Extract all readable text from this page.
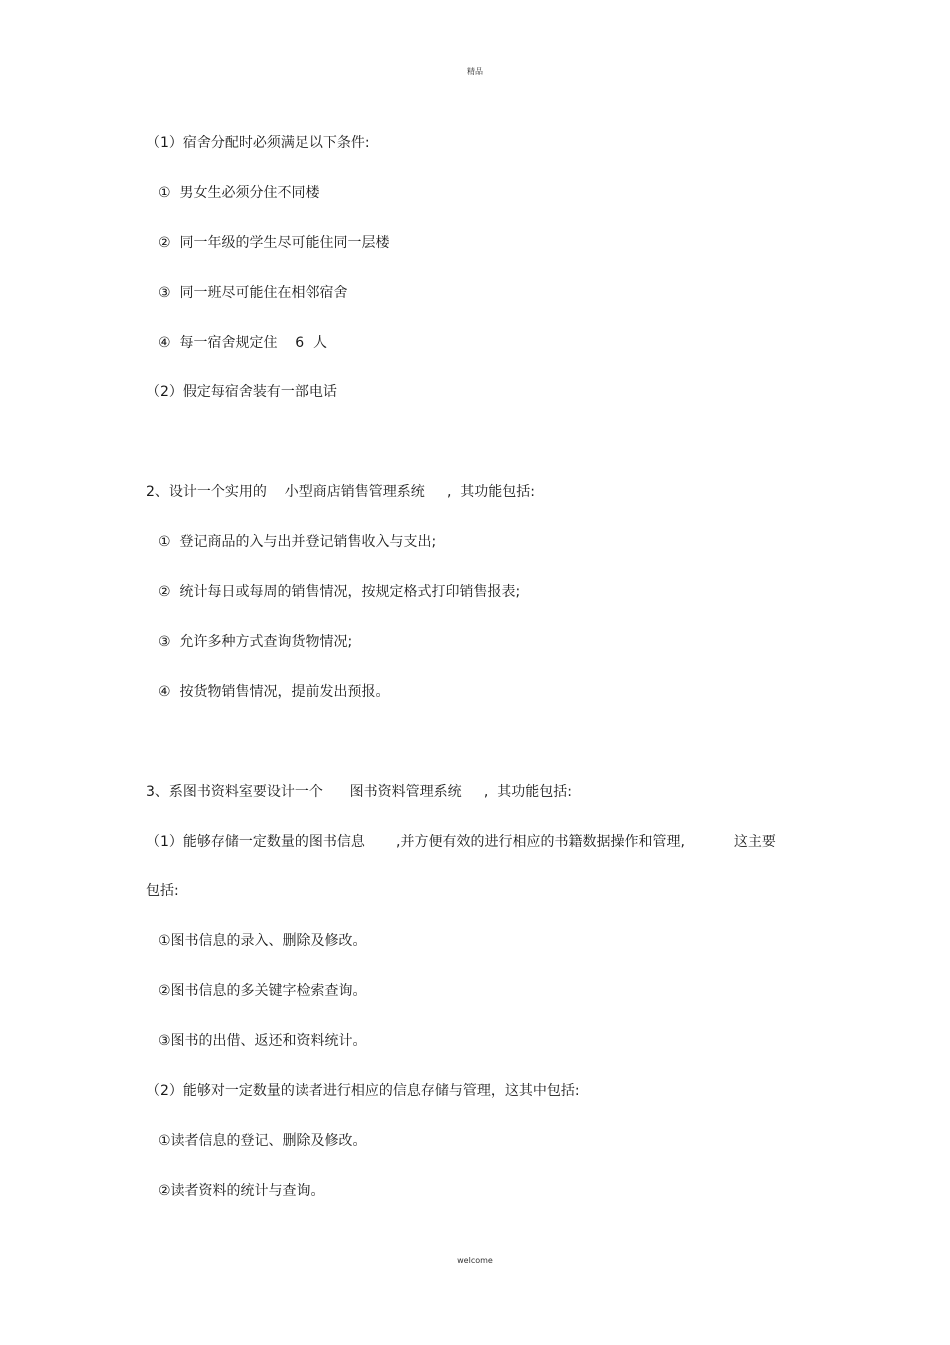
精品
（1）宿舍分配时必须满足以下条件:
①  男女生必须分住不同楼
②  同一年级的学生尽可能住同一层楼
③  同一班尽可能住在相邻宿舍
④  每一宿舍规定住    6  人
（2）假定每宿舍装有一部电话
2、设计一个实用的    小型商店销售管理系统     ,  其功能包括:
①  登记商品的入与出并登记销售收入与支出;
②  统计每日或每周的销售情况，按规定格式打印销售报表;
③  允许多种方式查询货物情况;
④  按货物销售情况，提前发出预报。
3、系图书资料室要设计一个      图书资料管理系统     ,  其功能包括:
（1）能够存储一定数量的图书信息       ,并方便有效的进行相应的书籍数据操作和管理,           这主要
包括:
①图书信息的录入、删除及修改。
②图书信息的多关键字检索查询。
③图书的出借、返还和资料统计。
（2）能够对一定数量的读者进行相应的信息存储与管理，这其中包括:
①读者信息的登记、删除及修改。
②读者资料的统计与查询。
welcome
